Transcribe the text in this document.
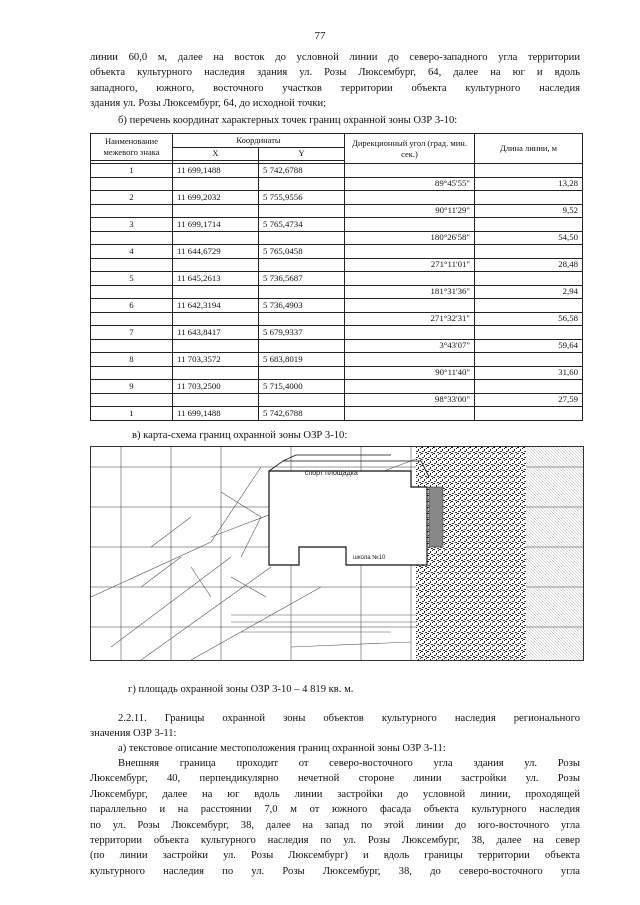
77
линии 60,0 м, далее на восток до условной линии до северо-западного угла территории
объекта культурного наследия здания ул. Розы Люксембург, 64, далее на юг и вдоль
западного, южного, восточного участков территории объекта культурного наследия
здания ул. Розы Люксембург, 64, до исходной точки;
б) перечень координат характерных точек границ охранной зоны ОЗР 3-10:
Наименование межевого знака	Координаты		Дирекционный угол (град. мин. сек.)	Длина линии, м
	X	Y		

1	11 699,1488	5 742,6788		
			89°45'55"	13,28
2	11 699,2032	5 755,9556		
			90°11'29"	9,52
3	11 699,1714	5 765,4734		
			180°26'58"	54,50
4	11 644,6729	5 765,0458		
			271°11'01"	28,48
5	11 645,2613	5 736,5687		
			181°31'36"	2,94
6	11 642,3194	5 736,4903		
			271°32'31"	56,58
7	11 643,8417	5 679,9337		
			3°43'07"	59,64
8	11 703,3572	5 683,8019		
			90°11'40"	31,60
9	11 703,2500	5 715,4000		
			98°33'00"	27,59
1	11 699,1488	5 742,6788		
в) карта-схема границ охранной зоны ОЗР 3-10:
спорт площадка
школа №10
г) площадь охранной зоны ОЗР 3-10 – 4 819 кв. м.
2.2.11. Границы охранной зоны объектов культурного наследия регионального
значения ОЗР 3-11:
а) текстовое описание местоположения границ охранной зоны ОЗР 3-11:
Внешняя граница проходит от северо-восточного угла здания ул. Розы
Люксембург, 40, перпендикулярно нечетной стороне линии застройки ул. Розы
Люксембург, далее на юг вдоль линии застройки до условной линии, проходящей
параллельно и на расстоянии 7,0 м от южного фасада объекта культурного наследия
по ул. Розы Люксембург, 38, далее на запад по этой линии до юго-восточного угла
территории объекта культурного наследия по ул. Розы Люксембург, 38, далее на север
(по линии застройки ул. Розы Люксембург) и вдоль границы территории объекта
культурного наследия по ул. Розы Люксембург, 38, до северо-восточного угла
